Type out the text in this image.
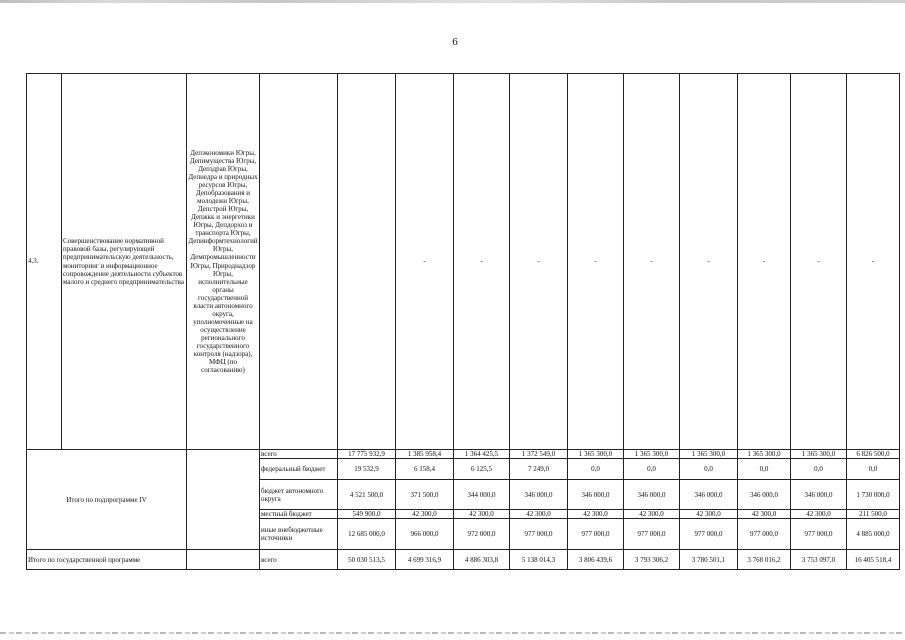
6
4.3.	Совершенствование нормативной правовой базы, регулирующей предпринимательскую деятельность, мониторинг и информационное сопровождение деятельности субъектов малого и среднего предпринимательства	Депэкономики Югры, Депимущества Югры, Депздрав Югры, Депнедра и природных ресурсов Югры, Депобразования и молодежи Югры, Депстрой Югры, Депжкк и энергетики Югры, Депдорхоз и транспорта Югры, Депинформтехнологий Югры, Демпромышленности Югры, Природнадзор Югры, исполнительные органы государственной власти автономного округа, уполномоченные на осуществление регионального государственного контроля (надзора), МФЦ (по согласованию)			-	-	-	-	-	-	-	-	-
Итого по подпрограмме IV			всего	17 775 932,9	1 385 958,4	1 364 425,5	1 372 549,0	1 365 300,0	1 365 300,0	1 365 300,0	1 365 300,0	1 365 300,0	6 826 500,0
			федеральный бюджет	19 532,9	6 158,4	6 125,5	7 249,0	0,0	0,0	0,0	0,0	0,0	0,0
			бюджет автономного округа	4 521 500,0	371 500,0	344 000,0	346 000,0	346 000,0	346 000,0	346 000,0	346 000,0	346 000,0	1 730 000,0
			местный бюджет	549 900,0	42 300,0	42 300,0	42 300,0	42 300,0	42 300,0	42 300,0	42 300,0	42 300,0	211 500,0
			иные внебюджетные источники	12 685 000,0	966 000,0	972 000,0	977 000,0	977 000,0	977 000,0	977 000,0	977 000,0	977 000,0	4 885 000,0
Итого по государственной программе			всего	50 030 513,5	4 699 316,9	4 886 303,8	5 138 014,3	3 806 439,6	3 793 306,2	3 780 501,1	3 768 016,2	3 753 097,0	16 405 518,4
